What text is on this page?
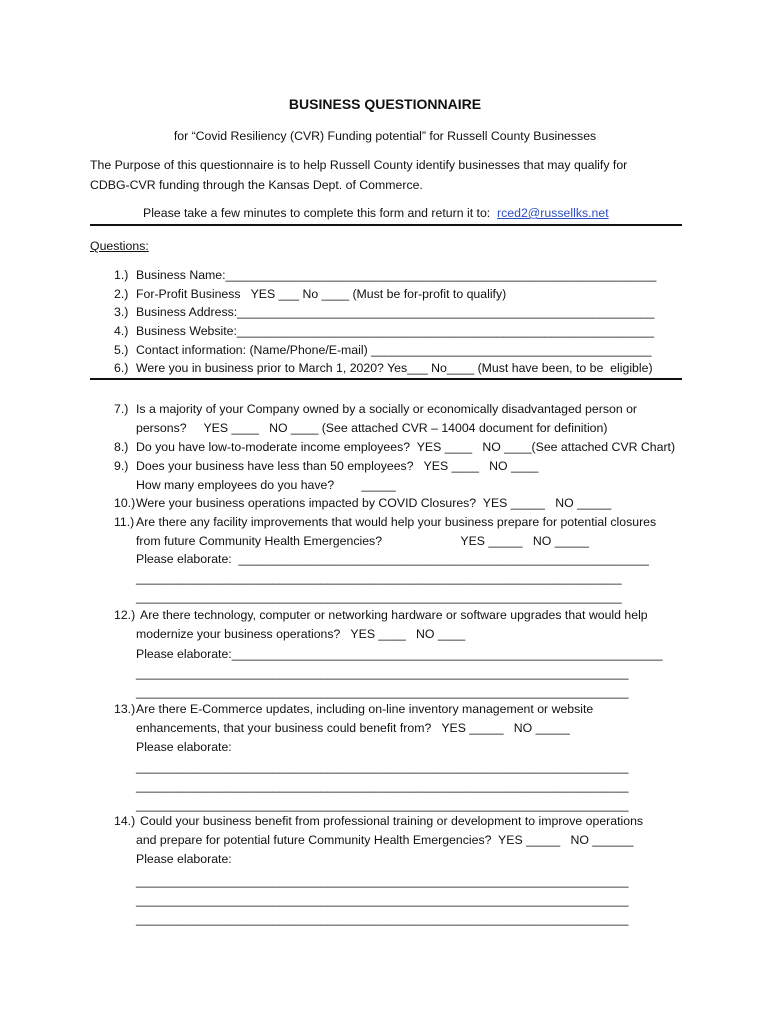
BUSINESS QUESTIONNAIRE
for “Covid Resiliency (CVR) Funding potential” for Russell County Businesses
The Purpose of this questionnaire is to help Russell County identify businesses that may qualify for
CDBG-CVR funding through the Kansas Dept. of Commerce.
Please take a few minutes to complete this form and return it to:  rced2@russellks.net
Questions:
1.) Business Name:_______________________________________________________________
2.) For-Profit Business   YES ___ No ____ (Must be for-profit to qualify)
3.) Business Address:_____________________________________________________________
4.) Business Website:_____________________________________________________________
5.) Contact information: (Name/Phone/E-mail) _________________________________________
6.) Were you in business prior to March 1, 2020? Yes___ No____ (Must have been, to be  eligible)
7.) Is a majority of your Company owned by a socially or economically disadvantaged person or
persons?     YES ____   NO ____ (See attached CVR – 14004 document for definition)
8.) Do you have low-to-moderate income employees?  YES ____   NO ____(See attached CVR Chart)
9.) Does your business have less than 50 employees?   YES ____   NO ____
How many employees do you have?        _____
10.) Were your business operations impacted by COVID Closures?  YES _____   NO _____
11.) Are there any facility improvements that would help your business prepare for potential closures
from future Community Health Emergencies?                       YES _____   NO _____
Please elaborate:  ____________________________________________________________
_______________________________________________________________________
_______________________________________________________________________
12.) Are there technology, computer or networking hardware or software upgrades that would help
modernize your business operations?   YES ____   NO ____
Please elaborate:_______________________________________________________________
________________________________________________________________________
________________________________________________________________________
13.) Are there E-Commerce updates, including on-line inventory management or website
enhancements, that your business could benefit from?   YES _____   NO _____
Please elaborate:
________________________________________________________________________
________________________________________________________________________
________________________________________________________________________
14.) Could your business benefit from professional training or development to improve operations
and prepare for potential future Community Health Emergencies?  YES _____   NO ______
Please elaborate:
________________________________________________________________________
________________________________________________________________________
________________________________________________________________________
